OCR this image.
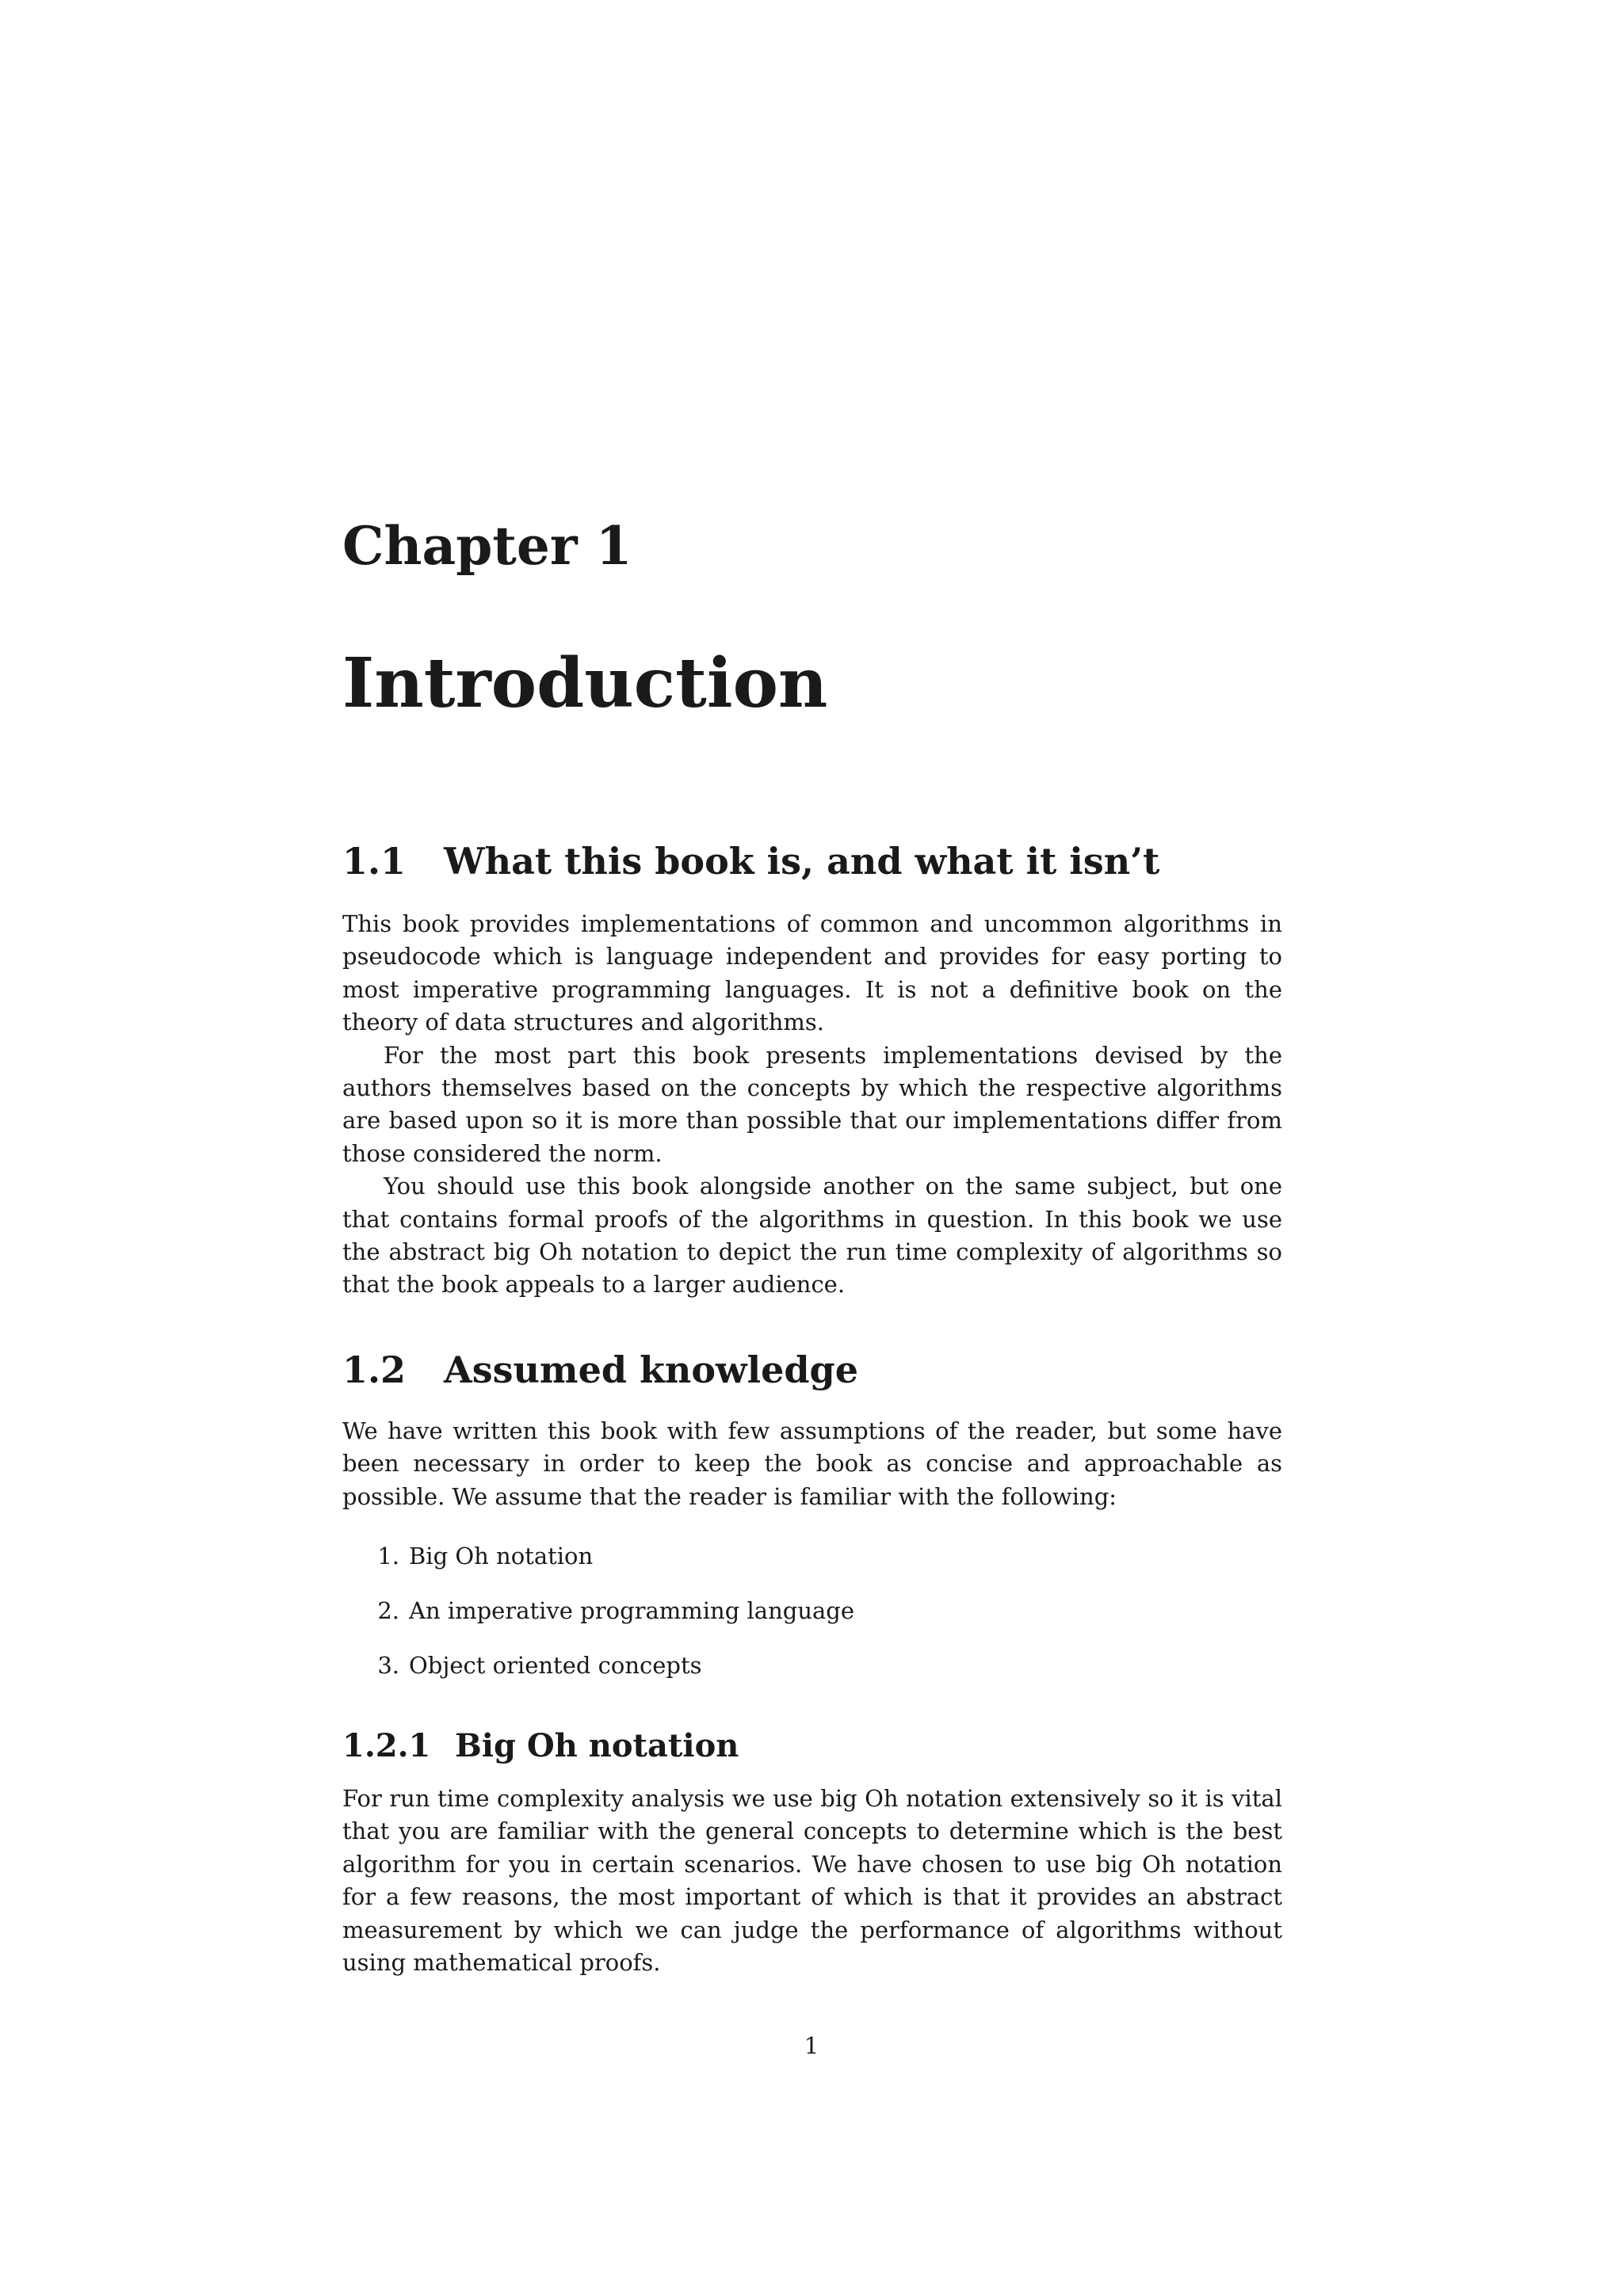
Chapter 1
Introduction
1.1 What this book is, and what it isn’t

This book provides implementations of common and uncommon algorithms in pseudocode which is language independent and provides for easy porting to most imperative programming languages. It is not a definitive book on the theory of data structures and algorithms.

For the most part this book presents implementations devised by the authors themselves based on the concepts by which the respective algorithms are based upon so it is more than possible that our implementations differ from those considered the norm.

You should use this book alongside another on the same subject, but one that contains formal proofs of the algorithms in question. In this book we use the abstract big Oh notation to depict the run time complexity of algorithms so that the book appeals to a larger audience.

1.2 Assumed knowledge

We have written this book with few assumptions of the reader, but some have been necessary in order to keep the book as concise and approachable as possible. We assume that the reader is familiar with the following:

1. Big Oh notation
2. An imperative programming language
3. Object oriented concepts
1.2.1 Big Oh notation

For run time complexity analysis we use big Oh notation extensively so it is vital that you are familiar with the general concepts to determine which is the best algorithm for you in certain scenarios. We have chosen to use big Oh notation for a few reasons, the most important of which is that it provides an abstract measurement by which we can judge the performance of algorithms without using mathematical proofs.

1
